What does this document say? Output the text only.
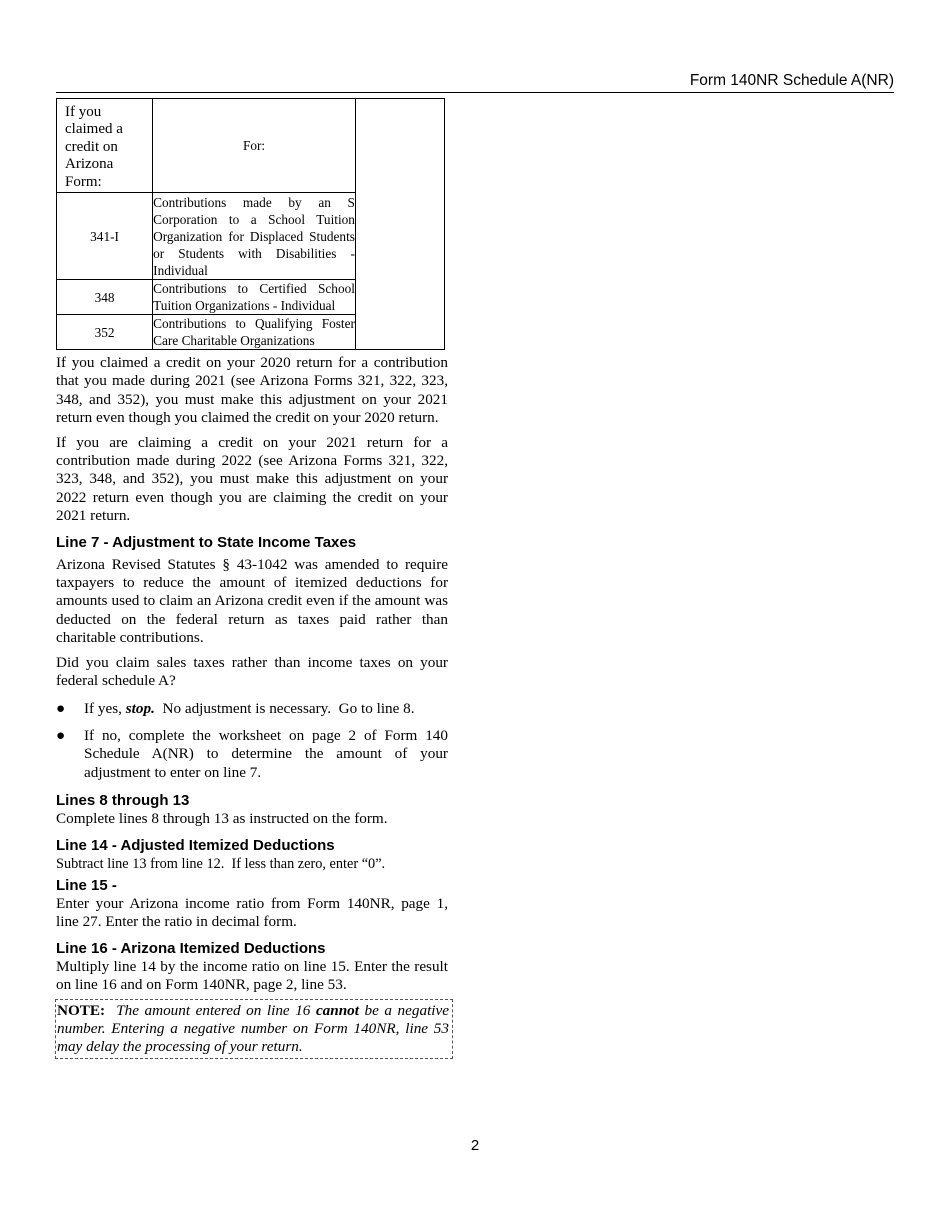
Form 140NR Schedule A(NR)
If you claimed a credit on Arizona Form:	For:	
341-I	Contributions made by an S Corporation to a School Tuition Organization for Displaced Students or Students with Disabilities - Individual	
348	Contributions to Certified School Tuition Organizations - Individual	
352	Contributions to Qualifying Foster Care Charitable Organizations	

If you claimed a credit on your 2020 return for a contribution that you made during 2021 (see Arizona Forms 321, 322, 323, 348, and 352), you must make this adjustment on your 2021 return even though you claimed the credit on your 2020 return.

If you are claiming a credit on your 2021 return for a contribution made during 2022 (see Arizona Forms 321, 322, 323, 348, and 352), you must make this adjustment on your 2022 return even though you are claiming the credit on your 2021 return.

Line 7 - Adjustment to State Income Taxes

Arizona Revised Statutes § 43-1042 was amended to require taxpayers to reduce the amount of itemized deductions for amounts used to claim an Arizona credit even if the amount was deducted on the federal return as taxes paid rather than charitable contributions.

Did you claim sales taxes rather than income taxes on your federal schedule A?

● If yes, stop.  No adjustment is necessary.  Go to line 8.

● If no, complete the worksheet on page 2 of Form 140 Schedule A(NR) to determine the amount of your adjustment to enter on line 7.

Lines 8 through 13

Complete lines 8 through 13 as instructed on the form.

Line 14 - Adjusted Itemized Deductions

Subtract line 13 from line 12.  If less than zero, enter “0”.

Line 15 -

Enter your Arizona income ratio from Form 140NR, page 1, line 27. Enter the ratio in decimal form.

Line 16 - Arizona Itemized Deductions

Multiply line 14 by the income ratio on line 15. Enter the result on line 16 and on Form 140NR, page 2, line 53.

NOTE:  The amount entered on line 16 cannot be a negative number. Entering a negative number on Form 140NR, line 53 may delay the processing of your return.

2
